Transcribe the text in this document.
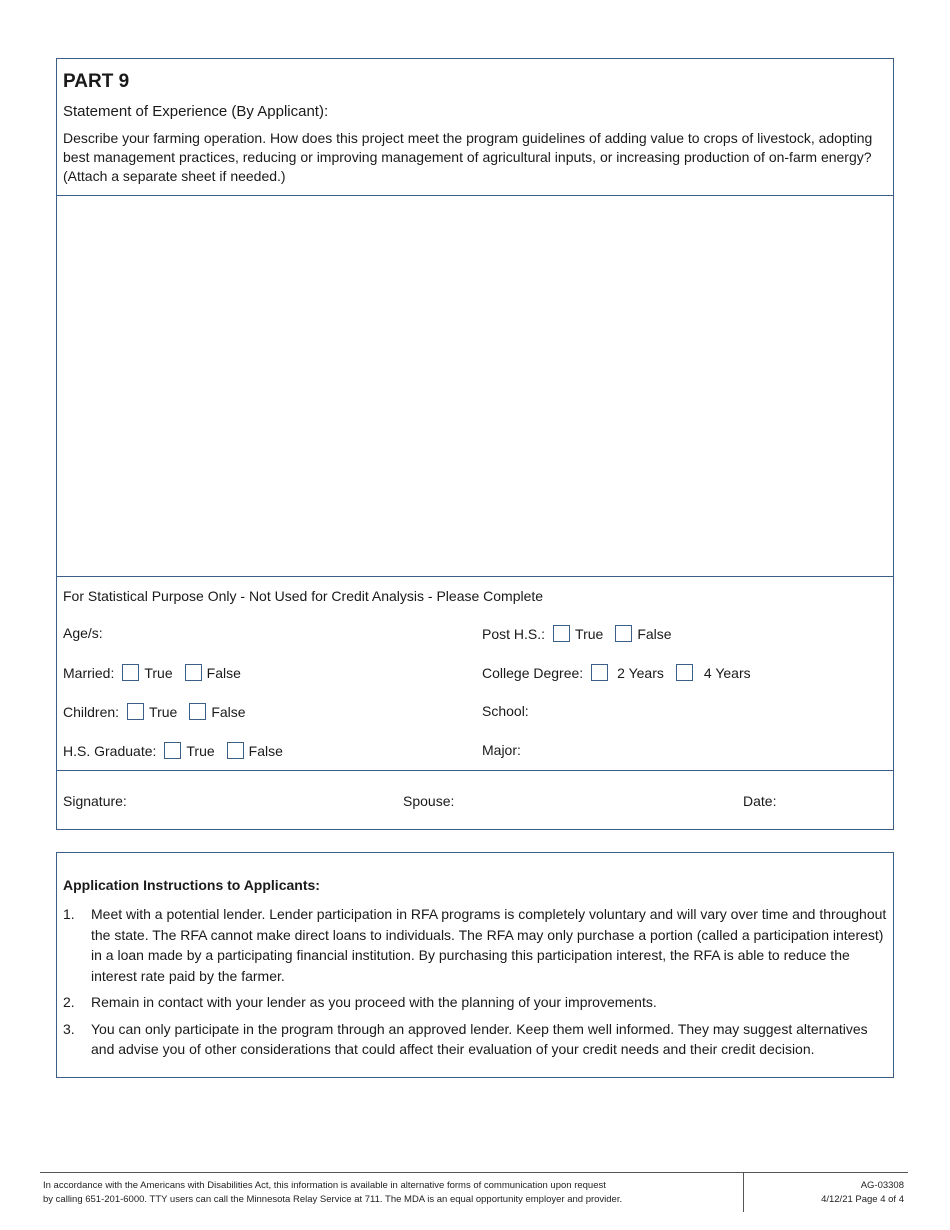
PART 9
Statement of Experience (By Applicant):
Describe your farming operation. How does this project meet the program guidelines of adding value to crops of livestock, adopting best management practices, reducing or improving management of agricultural inputs, or increasing production of on-farm energy? (Attach a separate sheet if needed.)
For Statistical Purpose Only - Not Used for Credit Analysis - Please Complete
Age/s:
Married: True False
Children: True False
H.S. Graduate: True False
Post H.S.: True False
College Degree: 2 Years	4 Years
School:
Major:
Signature:	Spouse:	Date:
Application Instructions to Applicants:
1. Meet with a potential lender. Lender participation in RFA programs is completely voluntary and will vary over time and throughout the state. The RFA cannot make direct loans to individuals. The RFA may only purchase a portion (called a participation interest) in a loan made by a participating financial institution. By purchasing this participation interest, the RFA is able to reduce the interest rate paid by the farmer.
2. Remain in contact with your lender as you proceed with the planning of your improvements.
3. You can only participate in the program through an approved lender. Keep them well informed. They may suggest alternatives and advise you of other considerations that could affect their evaluation of your credit needs and their credit decision.
In accordance with the Americans with Disabilities Act, this information is available in alternative forms of communication upon request
by calling 651-201-6000. TTY users can call the Minnesota Relay Service at 711. The MDA is an equal opportunity employer and provider.
AG-03308
4/12/21 Page 4 of 4
